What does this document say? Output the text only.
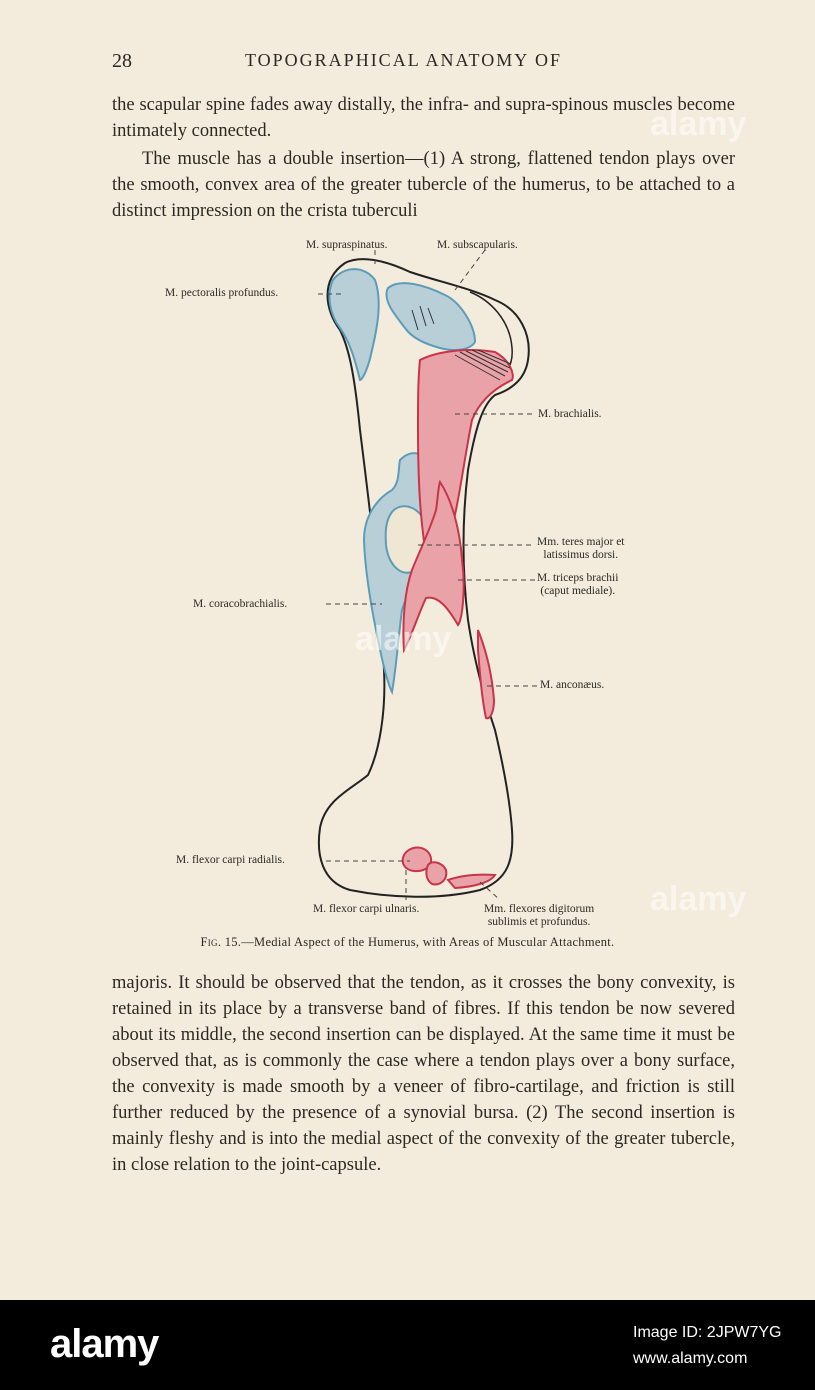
28	TOPOGRAPHICAL ANATOMY OF

the scapular spine fades away distally, the infra- and supra-spinous muscles become intimately connected.

The muscle has a double insertion—(1) A strong, flattened tendon plays over the smooth, convex area of the greater tubercle of the humerus, to be attached to a distinct impression on the crista tuberculi

M. supraspinatus.	M. subscapularis.
M. pectoralis profundus.
M. brachialis.
Mm. teres major et
latissimus dorsi.
M. triceps brachii
(caput mediale).
M. coracobrachialis.
M. anconæus.
M. flexor carpi radialis.
M. flexor carpi ulnaris.	Mm. flexores digitorum
sublimis et profundus.
Fig. 15.—Medial Aspect of the Humerus, with Areas of Muscular Attachment.

majoris. It should be observed that the tendon, as it crosses the bony convexity, is retained in its place by a transverse band of fibres. If this tendon be now severed about its middle, the second insertion can be displayed. At the same time it must be observed that, as is commonly the case where a tendon plays over a bony surface, the convexity is made smooth by a veneer of fibro-cartilage, and friction is still further reduced by the presence of a synovial bursa. (2) The second insertion is mainly fleshy and is into the medial aspect of the convexity of the greater tubercle, in close relation to the joint-capsule.

alamy
alamy
alamy
alamy	Image ID: 2JPW7YG
www.alamy.com
